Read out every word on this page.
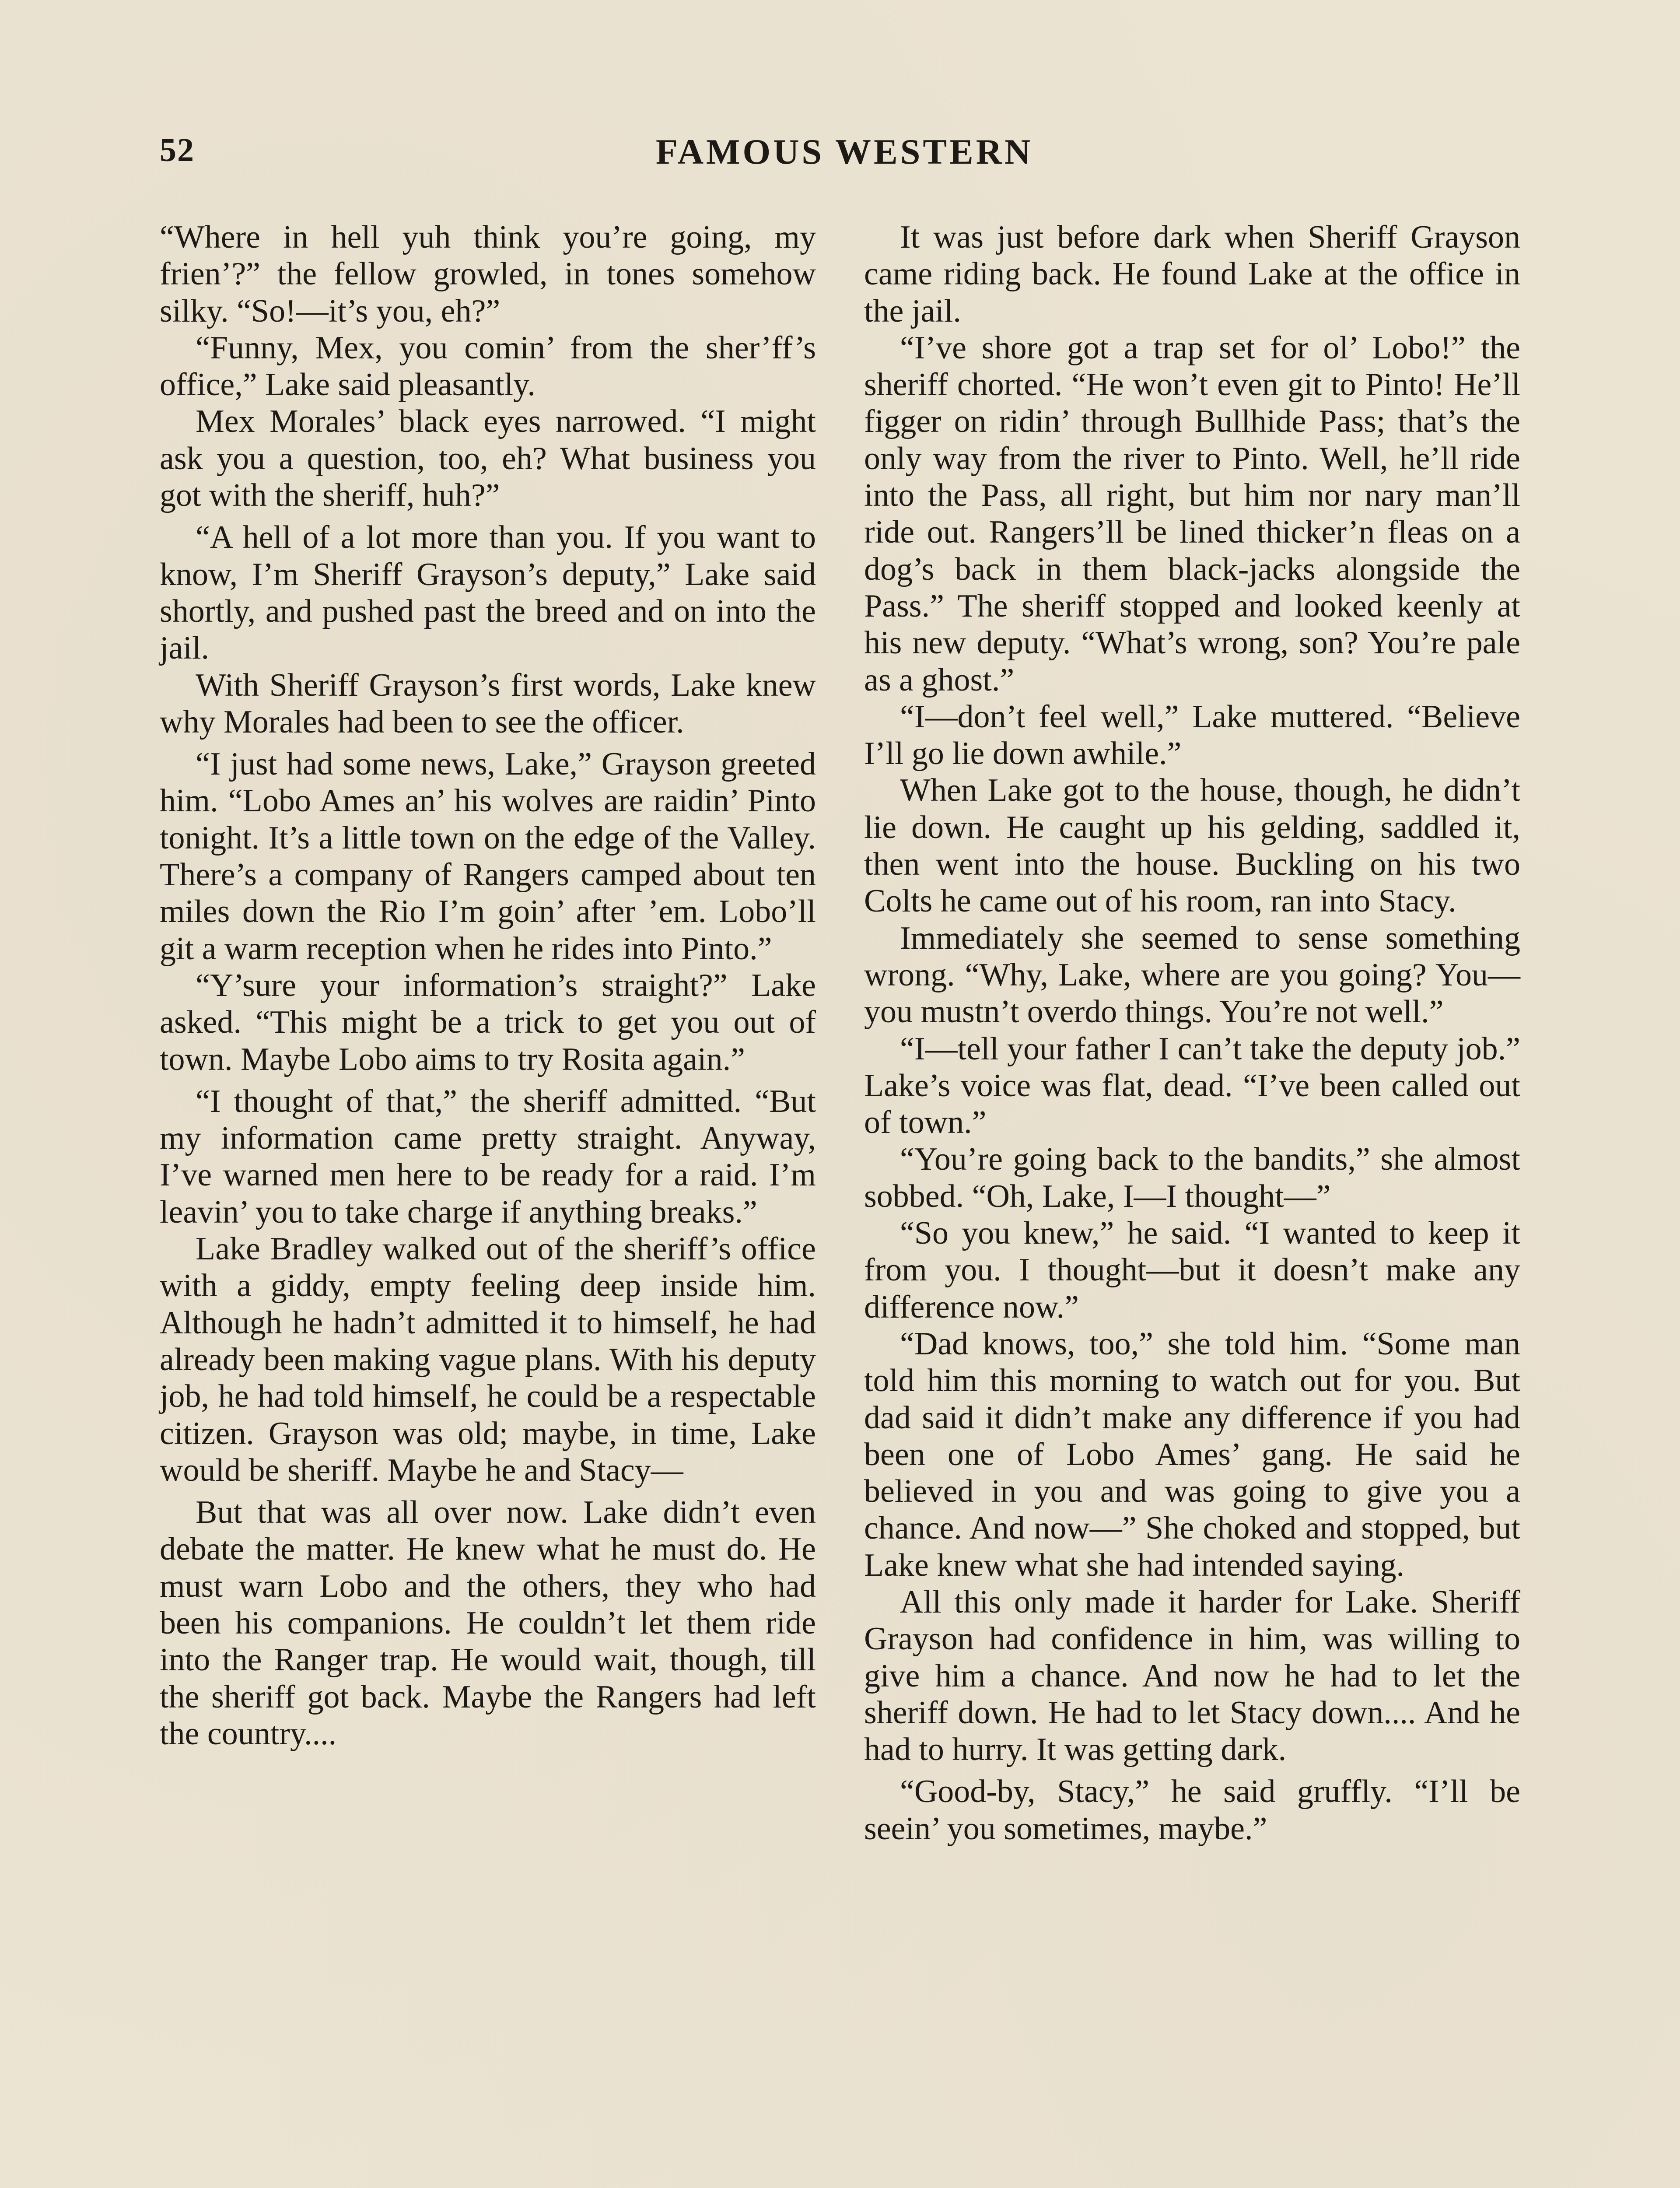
52	FAMOUS WESTERN

“Where in hell yuh think you’re going, my frien’?” the fellow growled, in tones somehow silky. “So!—it’s you, eh?”

“Funny, Mex, you comin’ from the sher’ff’s office,” Lake said pleasantly.

Mex Morales’ black eyes narrowed. “I might ask you a question, too, eh? What business you got with the sheriff, huh?”

“A hell of a lot more than you. If you want to know, I’m Sheriff Grayson’s deputy,” Lake said shortly, and pushed past the breed and on into the jail.

With Sheriff Grayson’s first words, Lake knew why Morales had been to see the officer.

“I just had some news, Lake,” Grayson greeted him. “Lobo Ames an’ his wolves are raidin’ Pinto tonight. It’s a little town on the edge of the Valley. There’s a company of Rangers camped about ten miles down the Rio I’m goin’ after ’em. Lobo’ll git a warm reception when he rides into Pinto.”

“Y’sure your information’s straight?” Lake asked. “This might be a trick to get you out of town. Maybe Lobo aims to try Rosita again.”

“I thought of that,” the sheriff admitted. “But my information came pretty straight. Anyway, I’ve warned men here to be ready for a raid. I’m leavin’ you to take charge if anything breaks.”

Lake Bradley walked out of the sheriff’s office with a giddy, empty feeling deep inside him. Although he hadn’t admitted it to himself, he had already been making vague plans. With his deputy job, he had told himself, he could be a respectable citizen. Grayson was old; maybe, in time, Lake would be sheriff. Maybe he and Stacy—

But that was all over now. Lake didn’t even debate the matter. He knew what he must do. He must warn Lobo and the others, they who had been his companions. He couldn’t let them ride into the Ranger trap. He would wait, though, till the sheriff got back. Maybe the Rangers had left the country....

It was just before dark when Sheriff Grayson came riding back. He found Lake at the office in the jail.

“I’ve shore got a trap set for ol’ Lobo!” the sheriff chorted. “He won’t even git to Pinto! He’ll figger on ridin’ through Bullhide Pass; that’s the only way from the river to Pinto. Well, he’ll ride into the Pass, all right, but him nor nary man’ll ride out. Rangers’ll be lined thicker’n fleas on a dog’s back in them black-jacks alongside the Pass.” The sheriff stopped and looked keenly at his new deputy. “What’s wrong, son? You’re pale as a ghost.”

“I—don’t feel well,” Lake muttered. “Believe I’ll go lie down awhile.”

When Lake got to the house, though, he didn’t lie down. He caught up his gelding, saddled it, then went into the house. Buckling on his two Colts he came out of his room, ran into Stacy.

Immediately she seemed to sense something wrong. “Why, Lake, where are you going? You—you mustn’t overdo things. You’re not well.”

“I—tell your father I can’t take the deputy job.” Lake’s voice was flat, dead. “I’ve been called out of town.”

“You’re going back to the bandits,” she almost sobbed. “Oh, Lake, I—I thought—”

“So you knew,” he said. “I wanted to keep it from you. I thought—but it doesn’t make any difference now.”

“Dad knows, too,” she told him. “Some man told him this morning to watch out for you. But dad said it didn’t make any difference if you had been one of Lobo Ames’ gang. He said he believed in you and was going to give you a chance. And now—” She choked and stopped, but Lake knew what she had intended saying.

All this only made it harder for Lake. Sheriff Grayson had confidence in him, was willing to give him a chance. And now he had to let the sheriff down. He had to let Stacy down.... And he had to hurry. It was getting dark.

“Good-by, Stacy,” he said gruffly. “I’ll be seein’ you sometimes, maybe.”
